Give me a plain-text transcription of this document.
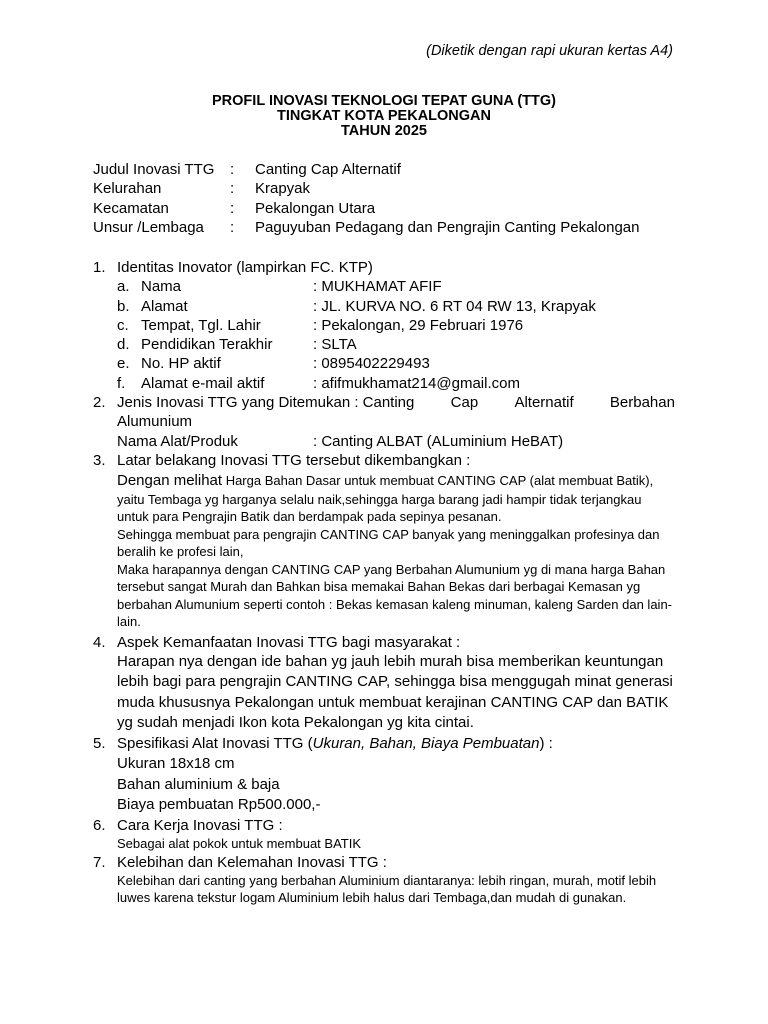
(Diketik dengan rapi ukuran kertas A4)
PROFIL INOVASI TEKNOLOGI TEPAT GUNA (TTG)
TINGKAT KOTA PEKALONGAN
TAHUN 2025
Judul Inovasi TTG	:	Canting Cap Alternatif
Kelurahan	:	Krapyak
Kecamatan	:	Pekalongan Utara
Unsur /Lembaga	:	Paguyuban Pedagang dan Pengrajin Canting Pekalongan
1. Identitas Inovator (lampirkan FC. KTP)
a. Nama	: MUKHAMAT AFIF
b. Alamat	: JL. KURVA NO. 6 RT 04 RW 13, Krapyak
c. Tempat, Tgl. Lahir	: Pekalongan, 29 Februari 1976
d. Pendidikan Terakhir	: SLTA
e. No. HP aktif	: 0895402229493
f.	Alamat e-mail aktif	: afifmukhamat214@gmail.com
2. Jenis Inovasi TTG yang Ditemukan : Canting Cap Alternatif Berbahan
Alumunium
Nama Alat/Produk	: Canting ALBAT (ALuminium HeBAT)
3. Latar belakang Inovasi TTG tersebut dikembangkan :
Dengan melihat Harga Bahan Dasar untuk membuat CANTING CAP (alat membuat Batik), yaitu Tembaga yg harganya selalu naik,sehingga harga barang jadi hampir tidak terjangkau untuk para Pengrajin Batik dan berdampak pada sepinya pesanan.
Sehingga membuat para pengrajin CANTING CAP banyak yang meninggalkan profesinya dan beralih ke profesi lain,
Maka harapannya dengan CANTING CAP yang Berbahan Alumunium yg di mana harga Bahan tersebut sangat Murah dan Bahkan bisa memakai Bahan Bekas dari berbagai Kemasan yg berbahan Alumunium seperti contoh : Bekas kemasan kaleng minuman, kaleng Sarden dan lain-lain.
4. Aspek Kemanfaatan Inovasi TTG bagi masyarakat :
Harapan nya dengan ide bahan yg jauh lebih murah bisa memberikan keuntungan lebih bagi para pengrajin CANTING CAP, sehingga bisa menggugah minat generasi muda khususnya Pekalongan untuk membuat kerajinan CANTING CAP dan BATIK yg sudah menjadi Ikon kota Pekalongan yg kita cintai.
5. Spesifikasi Alat Inovasi TTG (Ukuran, Bahan, Biaya Pembuatan) :
Ukuran 18x18 cm
Bahan aluminium & baja
Biaya pembuatan Rp500.000,-
6. Cara Kerja Inovasi TTG :
Sebagai alat pokok untuk membuat BATIK
7. Kelebihan dan Kelemahan Inovasi TTG :
Kelebihan dari canting yang berbahan Aluminium diantaranya: lebih ringan, murah, motif lebih luwes karena tekstur logam Aluminium lebih halus dari Tembaga,dan mudah di gunakan.
